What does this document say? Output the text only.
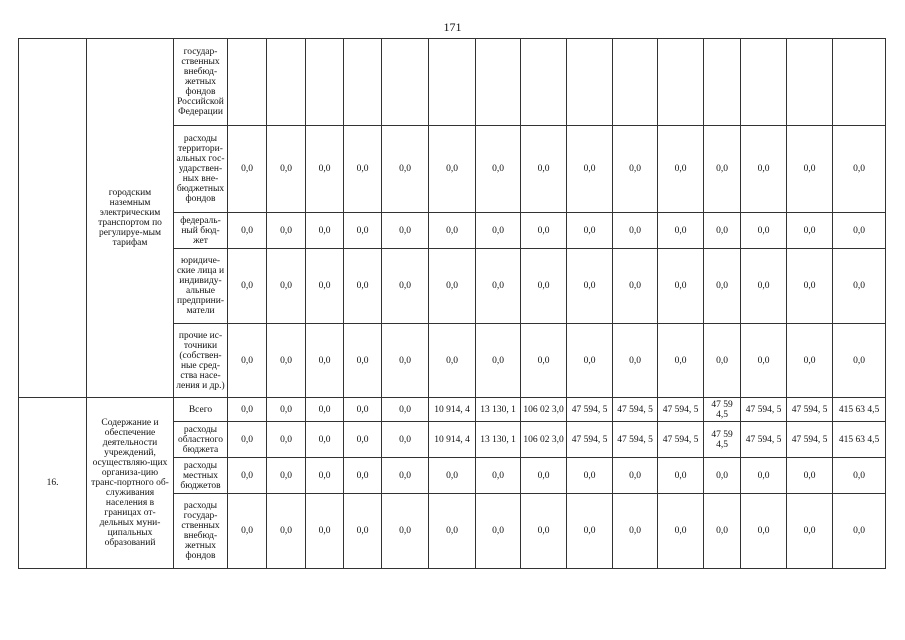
171
	городским наземным электрическим транспортом по регулируе-мым тарифам	государ-ственных внебюд-жетных фондов Российской Федерации															
		расходы территори-альных гос-ударствен-ных вне-бюджетных фондов	0,0	0,0	0,0	0,0	0,0	0,0	0,0	0,0	0,0	0,0	0,0	0,0	0,0	0,0	0,0
		федераль-ный бюд-жет	0,0	0,0	0,0	0,0	0,0	0,0	0,0	0,0	0,0	0,0	0,0	0,0	0,0	0,0	0,0
		юридиче-ские лица и индивиду-альные предприни-матели	0,0	0,0	0,0	0,0	0,0	0,0	0,0	0,0	0,0	0,0	0,0	0,0	0,0	0,0	0,0
		прочие ис-точники (собствен-ные сред-ства насе-ления и др.)	0,0	0,0	0,0	0,0	0,0	0,0	0,0	0,0	0,0	0,0	0,0	0,0	0,0	0,0	0,0
16.	Содержание и обеспечение деятельности учреждений, осуществляю-щих организа-цию транс-портного об-служивания населения в границах от-дельных муни-ципальных образований	Всего	0,0	0,0	0,0	0,0	0,0	10 914, 4	13 130, 1	106 02 3,0	47 594, 5	47 594, 5	47 594, 5	47 59 4,5	47 594, 5	47 594, 5	415 63 4,5
		расходы областного бюджета	0,0	0,0	0,0	0,0	0,0	10 914, 4	13 130, 1	106 02 3,0	47 594, 5	47 594, 5	47 594, 5	47 59 4,5	47 594, 5	47 594, 5	415 63 4,5
		расходы местных бюджетов	0,0	0,0	0,0	0,0	0,0	0,0	0,0	0,0	0,0	0,0	0,0	0,0	0,0	0,0	0,0
		расходы государ-ственных внебюд-жетных фондов	0,0	0,0	0,0	0,0	0,0	0,0	0,0	0,0	0,0	0,0	0,0	0,0	0,0	0,0	0,0
